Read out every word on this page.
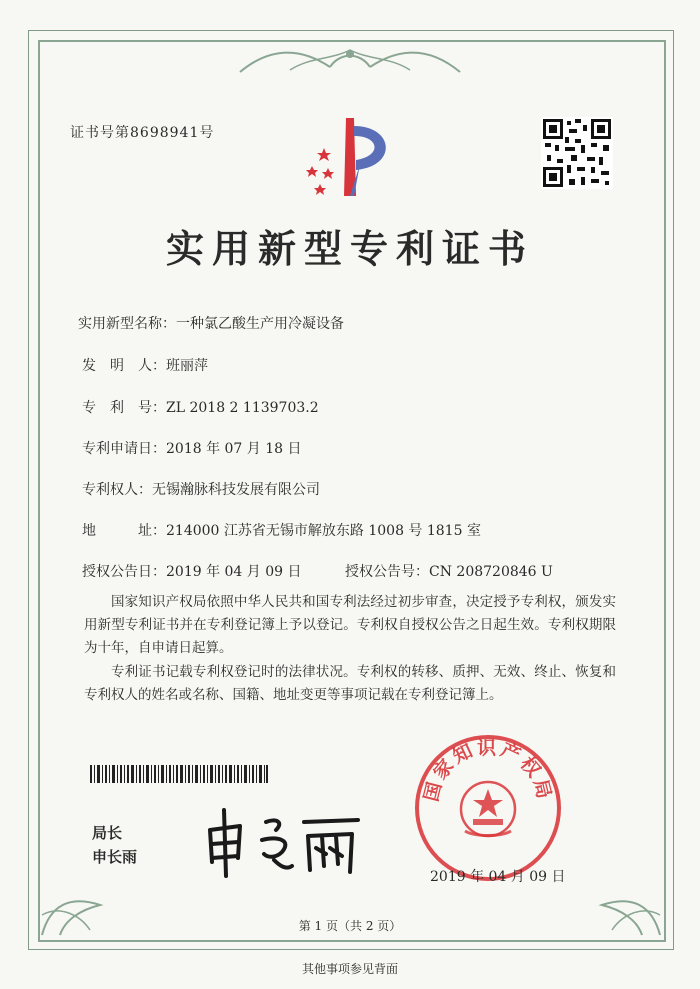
证书号第8698941号
实用新型专利证书
实用新型名称：一种氯乙酸生产用冷凝设备
发　明　人：班丽萍
专　利　号：ZL 2018 2 1139703.2
专利申请日：2018 年 07 月 18 日
专利权人：无锡瀚脉科技发展有限公司
地　　　址：214000 江苏省无锡市解放东路 1008 号 1815 室
授权公告日：2019 年 04 月 09 日	授权公告号：CN 208720846 U
国家知识产权局依照中华人民共和国专利法经过初步审查，决定授予专利权，颁发实用新型专利证书并在专利登记簿上予以登记。专利权自授权公告之日起生效。专利权期限为十年，自申请日起算。
专利证书记载专利权登记时的法律状况。专利权的转移、质押、无效、终止、恢复和专利权人的姓名或名称、国籍、地址变更等事项记载在专利登记簿上。
局长
申长雨
国家知识产权局
2019 年 04 月 09 日
第 1 页（共 2 页）
其他事项参见背面
